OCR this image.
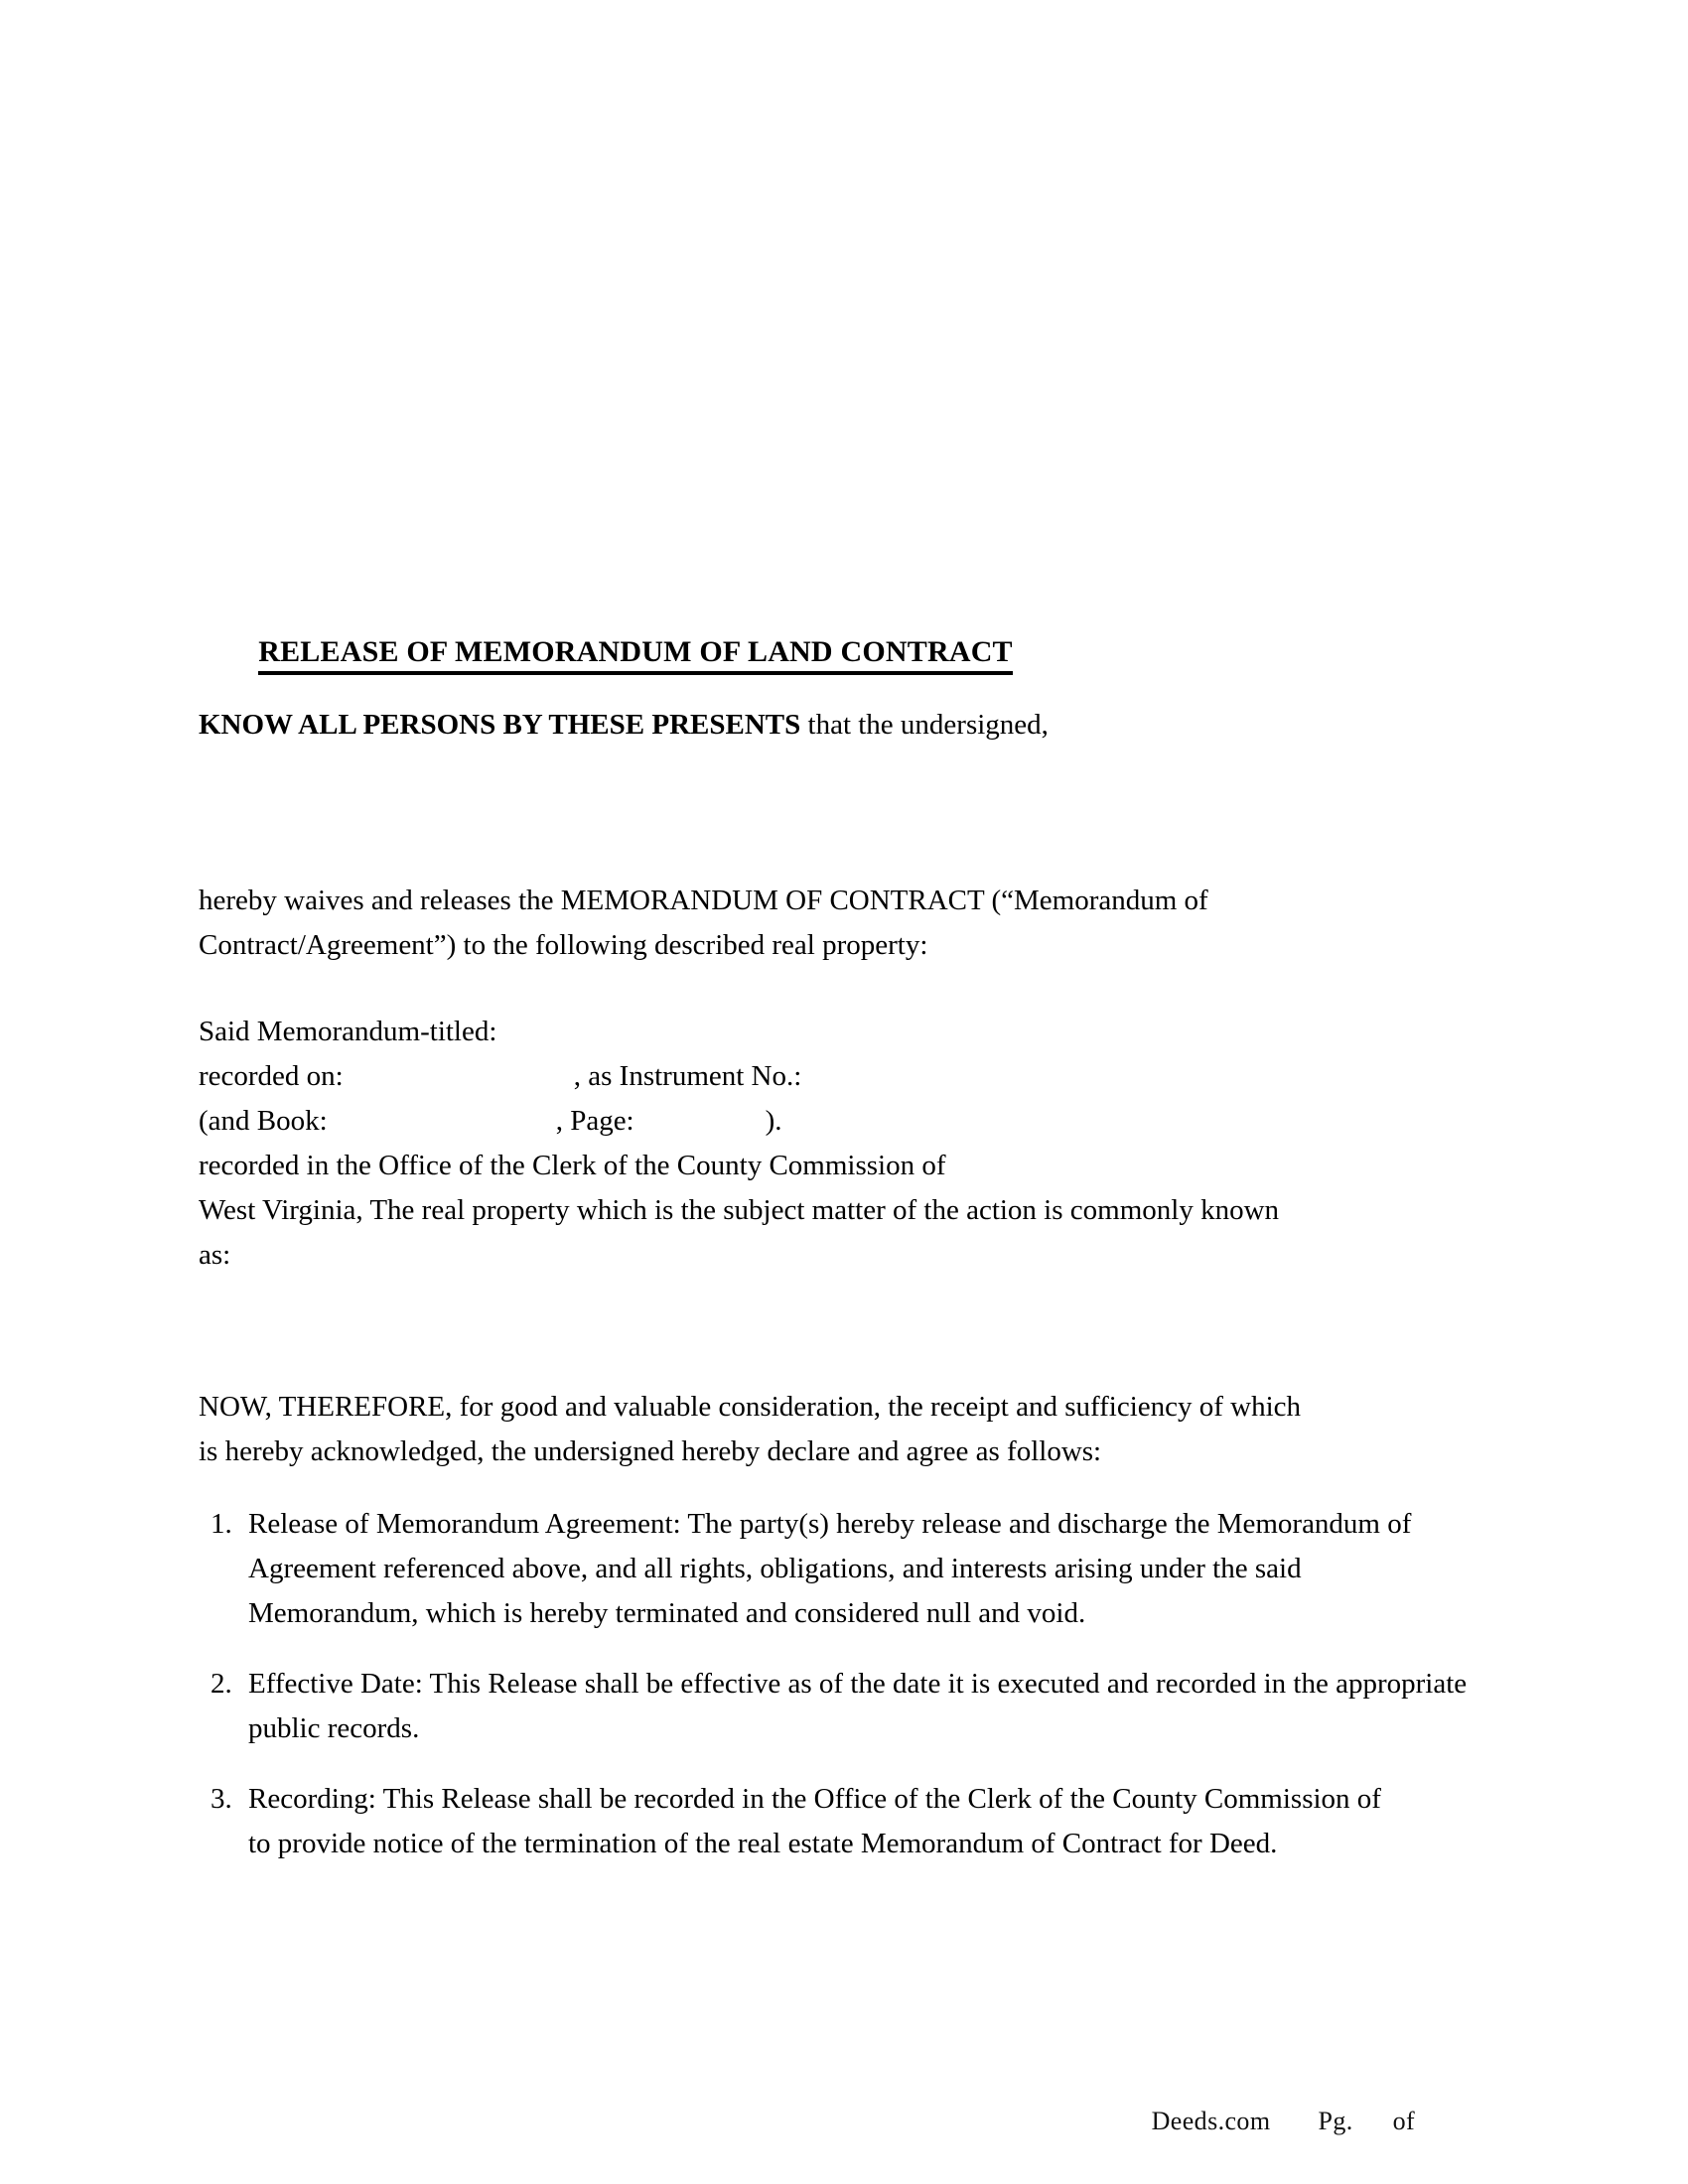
RELEASE OF MEMORANDUM OF LAND CONTRACT

KNOW ALL PERSONS BY THESE PRESENTS that the undersigned,

hereby waives and releases the MEMORANDUM OF CONTRACT (“Memorandum of
Contract/Agreement”) to the following described real property:

Said Memorandum-titled:
recorded on:	, as Instrument No.:
(and Book:	, Page:	).
recorded in the Office of the Clerk of the County Commission of
West Virginia, The real property which is the subject matter of the action is commonly known
as:

NOW, THEREFORE, for good and valuable consideration, the receipt and sufficiency of which
is hereby acknowledged, the undersigned hereby declare and agree as follows:

1. Release of Memorandum Agreement: The party(s) hereby release and discharge the Memorandum of Agreement referenced above, and all rights, obligations, and interests arising under the said Memorandum, which is hereby terminated and considered null and void.
2. Effective Date: This Release shall be effective as of the date it is executed and recorded in the appropriate public records.
3. Recording: This Release shall be recorded in the Office of the Clerk of the County Commission of
to provide notice of the termination of the real estate Memorandum of Contract for Deed.

Deeds.com Pg. of
